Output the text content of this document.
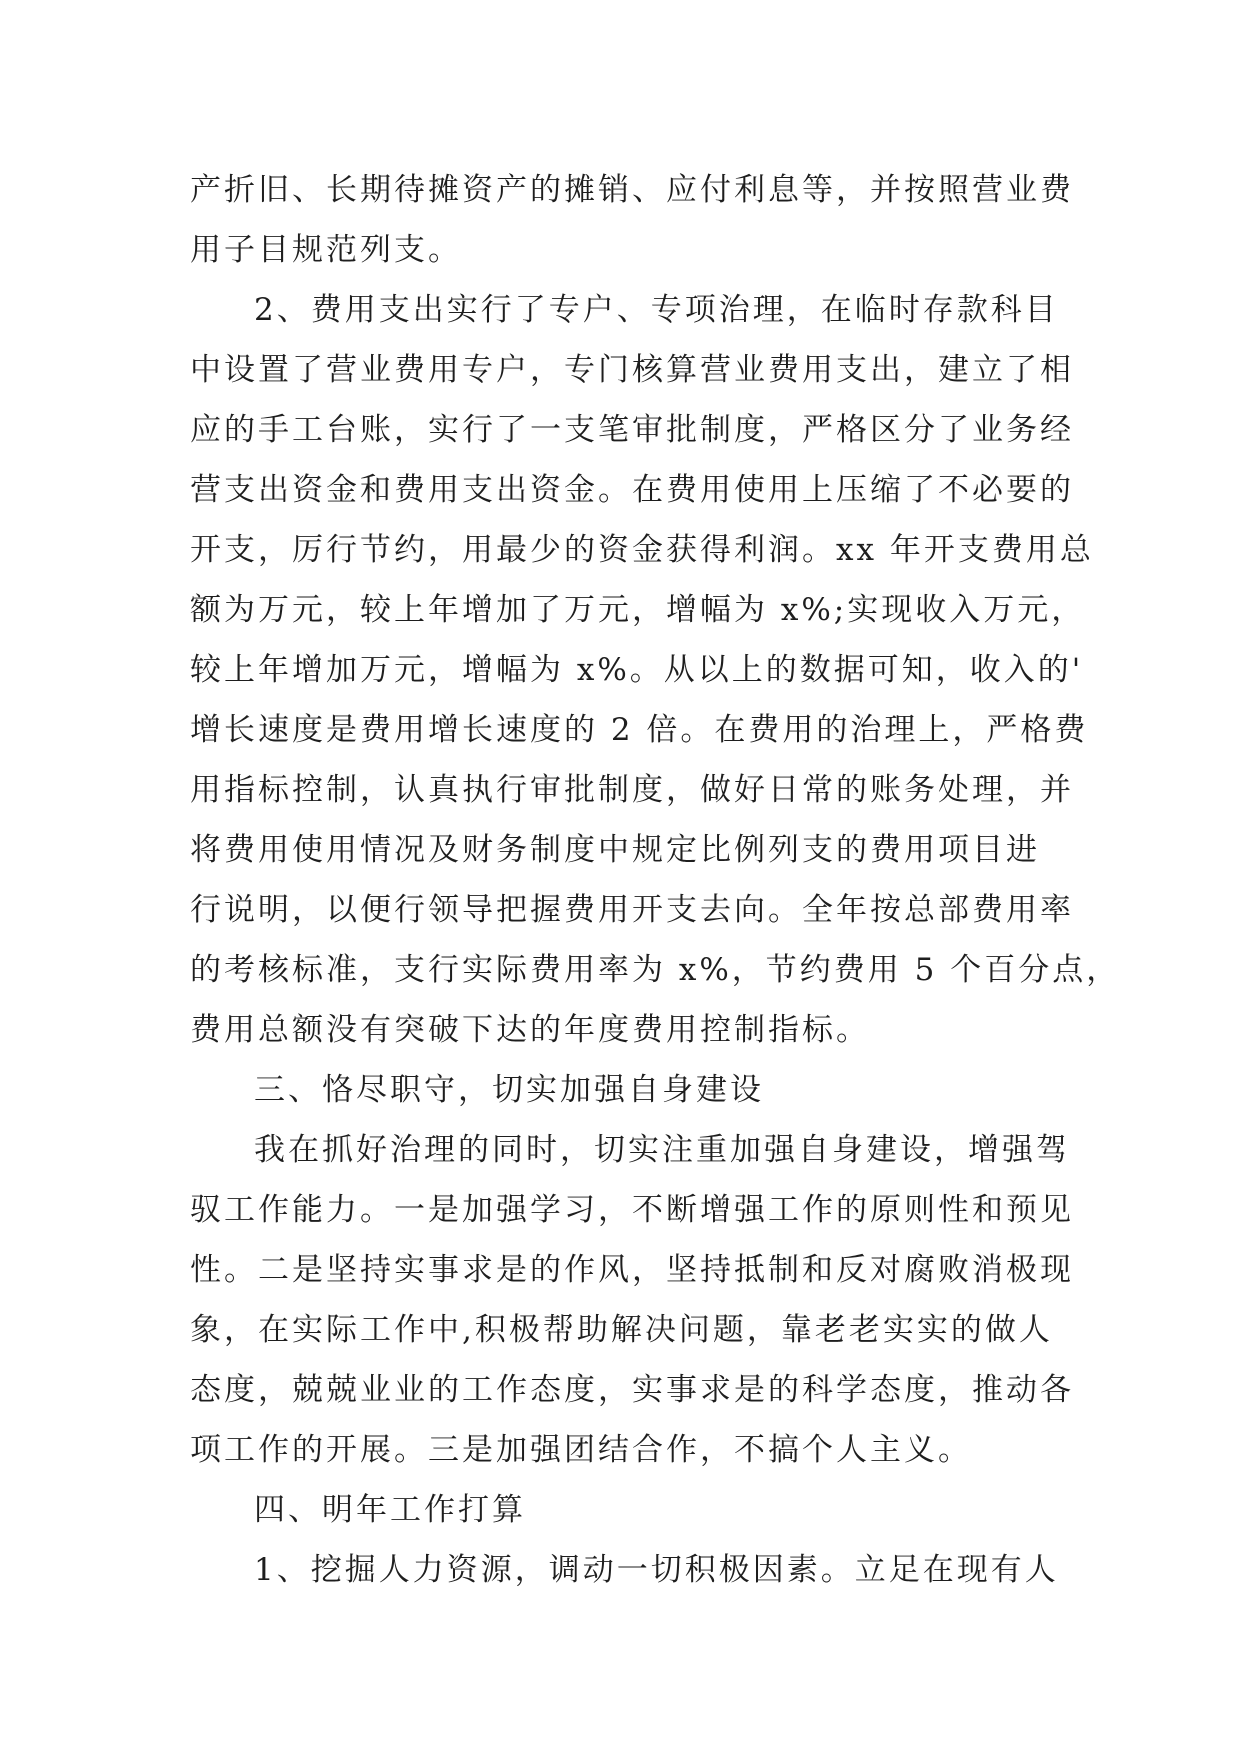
产折旧、长期待摊资产的摊销、应付利息等，并按照营业费
用子目规范列支。
2、费用支出实行了专户、专项治理，在临时存款科目
中设置了营业费用专户，专门核算营业费用支出，建立了相
应的手工台账，实行了一支笔审批制度，严格区分了业务经
营支出资金和费用支出资金。在费用使用上压缩了不必要的
开支，厉行节约，用最少的资金获得利润。xx 年开支费用总
额为万元，较上年增加了万元，增幅为 x%;实现收入万元，
较上年增加万元，增幅为 x%。从以上的数据可知，收入的'
增长速度是费用增长速度的 2 倍。在费用的治理上，严格费
用指标控制，认真执行审批制度，做好日常的账务处理，并
将费用使用情况及财务制度中规定比例列支的费用项目进
行说明，以便行领导把握费用开支去向。全年按总部费用率
的考核标准，支行实际费用率为 x%，节约费用 5 个百分点，
费用总额没有突破下达的年度费用控制指标。
三、恪尽职守，切实加强自身建设
我在抓好治理的同时，切实注重加强自身建设，增强驾
驭工作能力。一是加强学习，不断增强工作的原则性和预见
性。二是坚持实事求是的作风，坚持抵制和反对腐败消极现
象，在实际工作中,积极帮助解决问题，靠老老实实的做人
态度，兢兢业业的工作态度，实事求是的科学态度，推动各
项工作的开展。三是加强团结合作，不搞个人主义。
四、明年工作打算
1、挖掘人力资源，调动一切积极因素。立足在现有人
